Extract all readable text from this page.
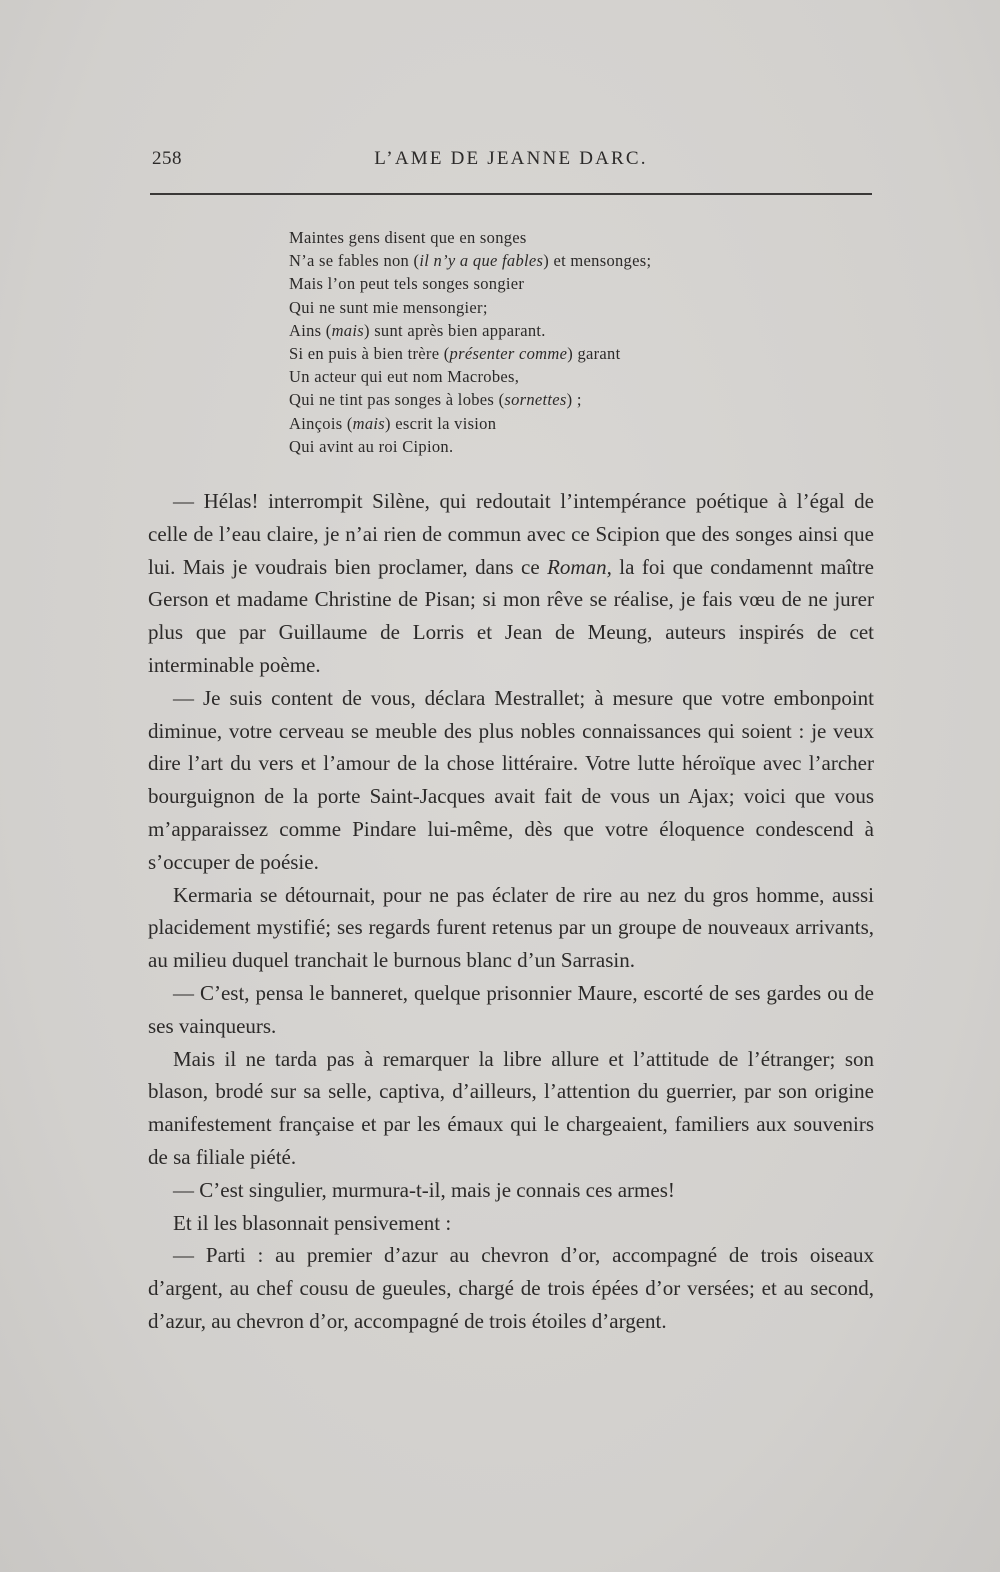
258	L’AME DE JEANNE DARC.
Maintes gens disent que en songes
N’a se fables non (il n’y a que fables) et mensonges;
Mais l’on peut tels songes songier
Qui ne sunt mie mensongier;
Ains (mais) sunt après bien apparant.
Si en puis à bien trère (présenter comme) garant
Un acteur qui eut nom Macrobes,
Qui ne tint pas songes à lobes (sornettes) ;
Ainçois (mais) escrit la vision
Qui avint au roi Cipion.

— Hélas! interrompit Silène, qui redoutait l’intempérance poétique à l’égal de celle de l’eau claire, je n’ai rien de commun avec ce Scipion que des songes ainsi que lui. Mais je voudrais bien proclamer, dans ce Roman, la foi que condamennt maître Gerson et madame Christine de Pisan; si mon rêve se réalise, je fais vœu de ne jurer plus que par Guillaume de Lorris et Jean de Meung, auteurs inspirés de cet interminable poème.

— Je suis content de vous, déclara Mestrallet; à mesure que votre embonpoint diminue, votre cerveau se meuble des plus nobles connaissances qui soient : je veux dire l’art du vers et l’amour de la chose littéraire. Votre lutte héroïque avec l’archer bourguignon de la porte Saint-Jacques avait fait de vous un Ajax; voici que vous m’apparaissez comme Pindare lui-même, dès que votre éloquence condescend à s’occuper de poésie.

Kermaria se détournait, pour ne pas éclater de rire au nez du gros homme, aussi placidement mystifié; ses regards furent retenus par un groupe de nouveaux arrivants, au milieu duquel tranchait le burnous blanc d’un Sarrasin.

— C’est, pensa le banneret, quelque prisonnier Maure, escorté de ses gardes ou de ses vainqueurs.

Mais il ne tarda pas à remarquer la libre allure et l’attitude de l’étranger; son blason, brodé sur sa selle, captiva, d’ailleurs, l’attention du guerrier, par son origine manifestement française et par les émaux qui le chargeaient, familiers aux souvenirs de sa filiale piété.

— C’est singulier, murmura-t-il, mais je connais ces armes!

Et il les blasonnait pensivement :

— Parti : au premier d’azur au chevron d’or, accompagné de trois oiseaux d’argent, au chef cousu de gueules, chargé de trois épées d’or versées; et au second, d’azur, au chevron d’or, accompagné de trois étoiles d’argent.
